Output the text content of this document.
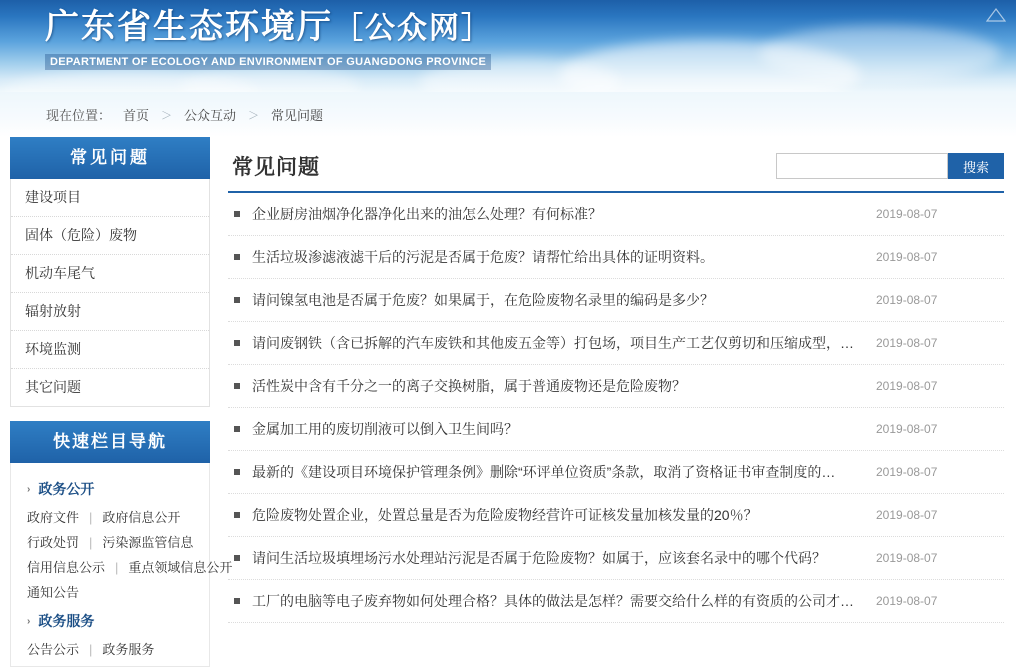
广东省生态环境厅［公众网］
DEPARTMENT OF ECOLOGY AND ENVIRONMENT OF GUANGDONG PROVINCE
现在位置： 首页 ＞ 公众互动 ＞ 常见问题
常见问题
建设项目
固体（危险）废物
机动车尾气
辐射放射
环境监测
其它问题
快速栏目导航
› 政务公开
政府文件 | 政府信息公开
行政处罚 | 污染源监管信息
信用信息公示 | 重点领域信息公开
通知公告
› 政务服务
公告公示 | 政务服务
常见问题	搜索
企业厨房油烟净化器净化出来的油怎么处理？有何标准？	2019-08-07
生活垃圾渗滤液滤干后的污泥是否属于危废？请帮忙给出具体的证明资料。	2019-08-07
请问镍氢电池是否属于危废？如果属于，在危险废物名录里的编码是多少？	2019-08-07
请问废钢铁（含已拆解的汽车废铁和其他废五金等）打包场，项目生产工艺仅剪切和压缩成型，…	2019-08-07
活性炭中含有千分之一的离子交换树脂，属于普通废物还是危险废物？	2019-08-07
金属加工用的废切削液可以倒入卫生间吗？	2019-08-07
最新的《建设项目环境保护管理条例》删除“环评单位资质”条款，取消了资格证书审查制度的…	2019-08-07
危险废物处置企业，处置总量是否为危险废物经营许可证核发量加核发量的20％？	2019-08-07
请问生活垃圾填埋场污水处理站污泥是否属于危险废物？如属于，应该套名录中的哪个代码？	2019-08-07
工厂的电脑等电子废弃物如何处理合格？具体的做法是怎样？需要交给什么样的有资质的公司才…	2019-08-07
